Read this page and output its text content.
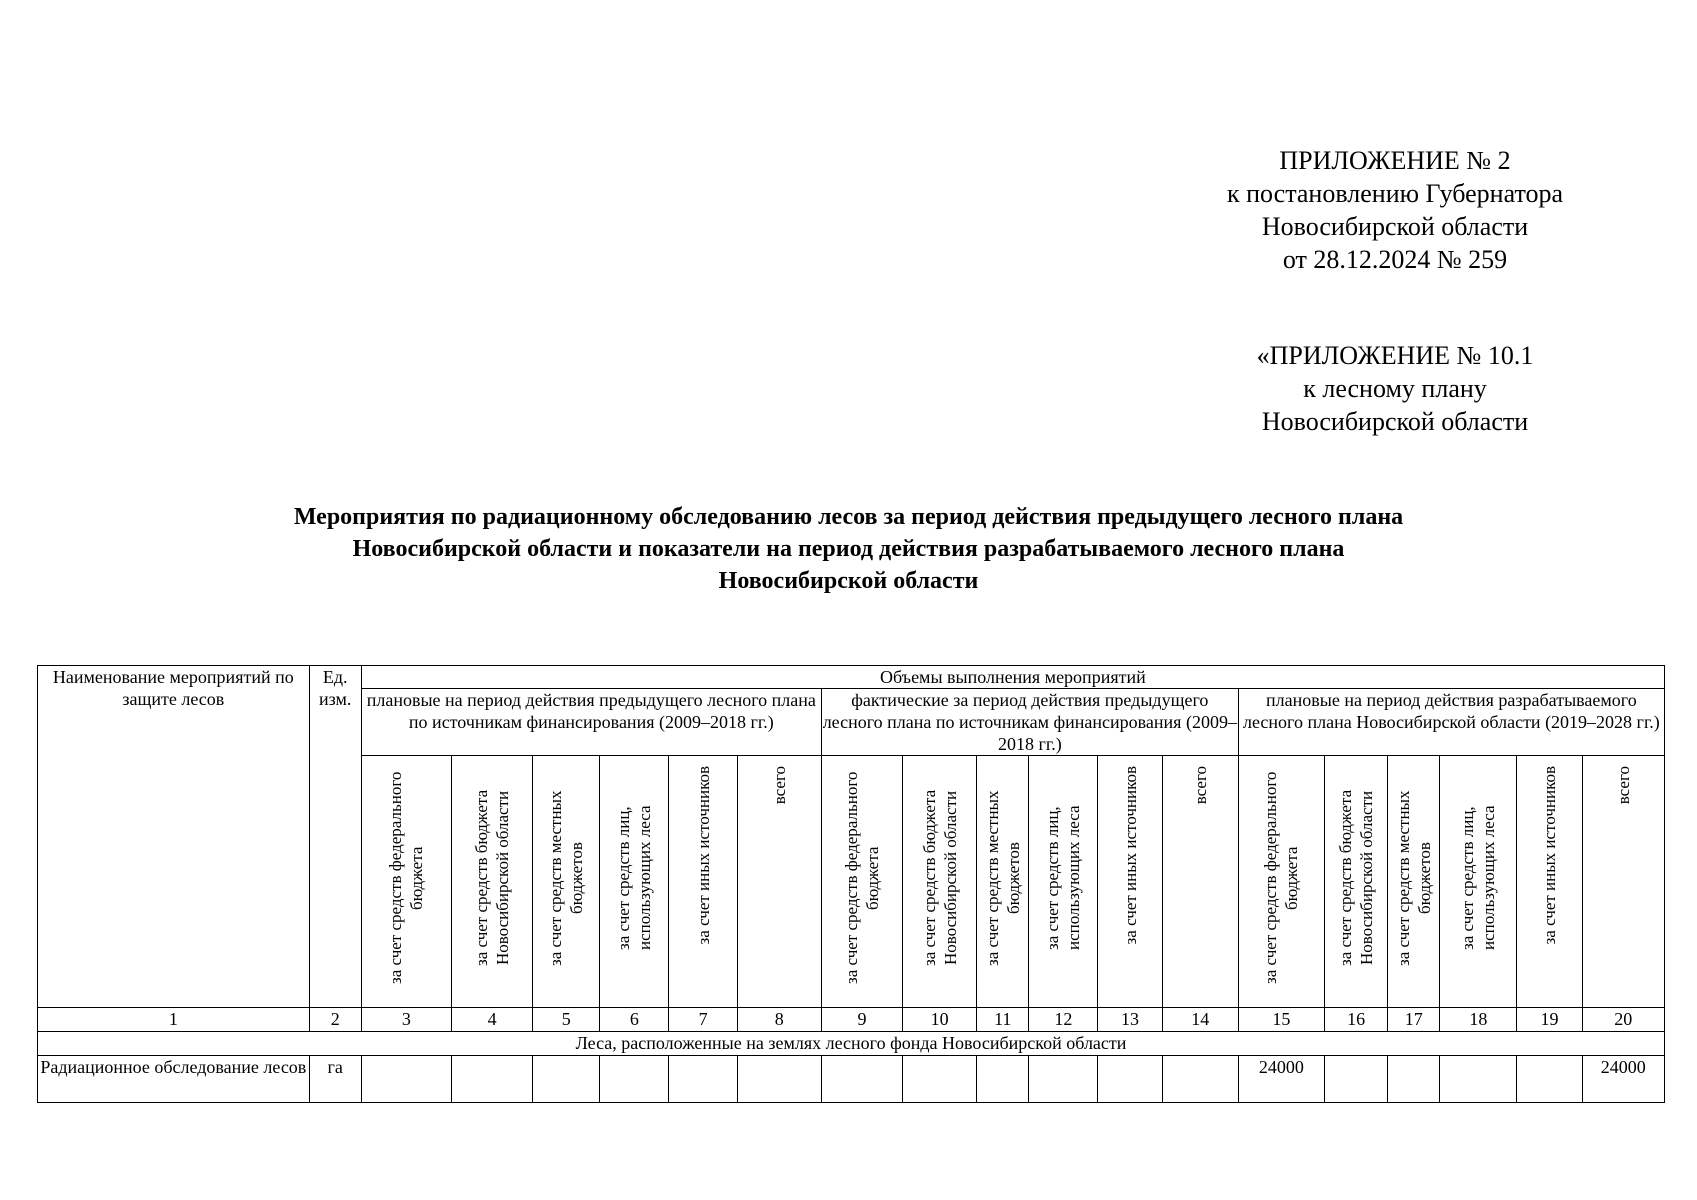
ПРИЛОЖЕНИЕ № 2
к постановлению Губернатора
Новосибирской области
от 28.12.2024 № 259
«ПРИЛОЖЕНИЕ № 10.1
к лесному плану
Новосибирской области
Мероприятия по радиационному обследованию лесов за период действия предыдущего лесного плана
Новосибирской области и показатели на период действия разрабатываемого лесного плана
Новосибирской области
Наименование мероприятий по защите лесов	Ед. изм.	Объемы выполнения мероприятий																	
		плановые на период действия предыдущего лесного плана по источникам финансирования (2009–2018 гг.)						фактические за период действия предыдущего лесного плана по источникам финансирования (2009–2018 гг.)						плановые на период действия разрабатываемого лесного плана Новосибирской области (2019–2028 гг.)					
		за счет средств федерального бюджета	за счет средств бюджета Новосибирской области	за счет средств местных бюджетов	за счет средств лиц, использующих леса	за счет иных источников	всего	за счет средств федерального бюджета	за счет средств бюджета Новосибирской области	за счет средств местных бюджетов	за счет средств лиц, использующих леса	за счет иных источников	всего	за счет средств федерального бюджета	за счет средств бюджета Новосибирской области	за счет средств местных бюджетов	за счет средств лиц, использующих леса	за счет иных источников	всего
1	2	3	4	5	6	7	8	9	10	11	12	13	14	15	16	17	18	19	20
Леса, расположенные на землях лесного фонда Новосибирской области																			
Радиационное обследование лесов	га													24000					24000
